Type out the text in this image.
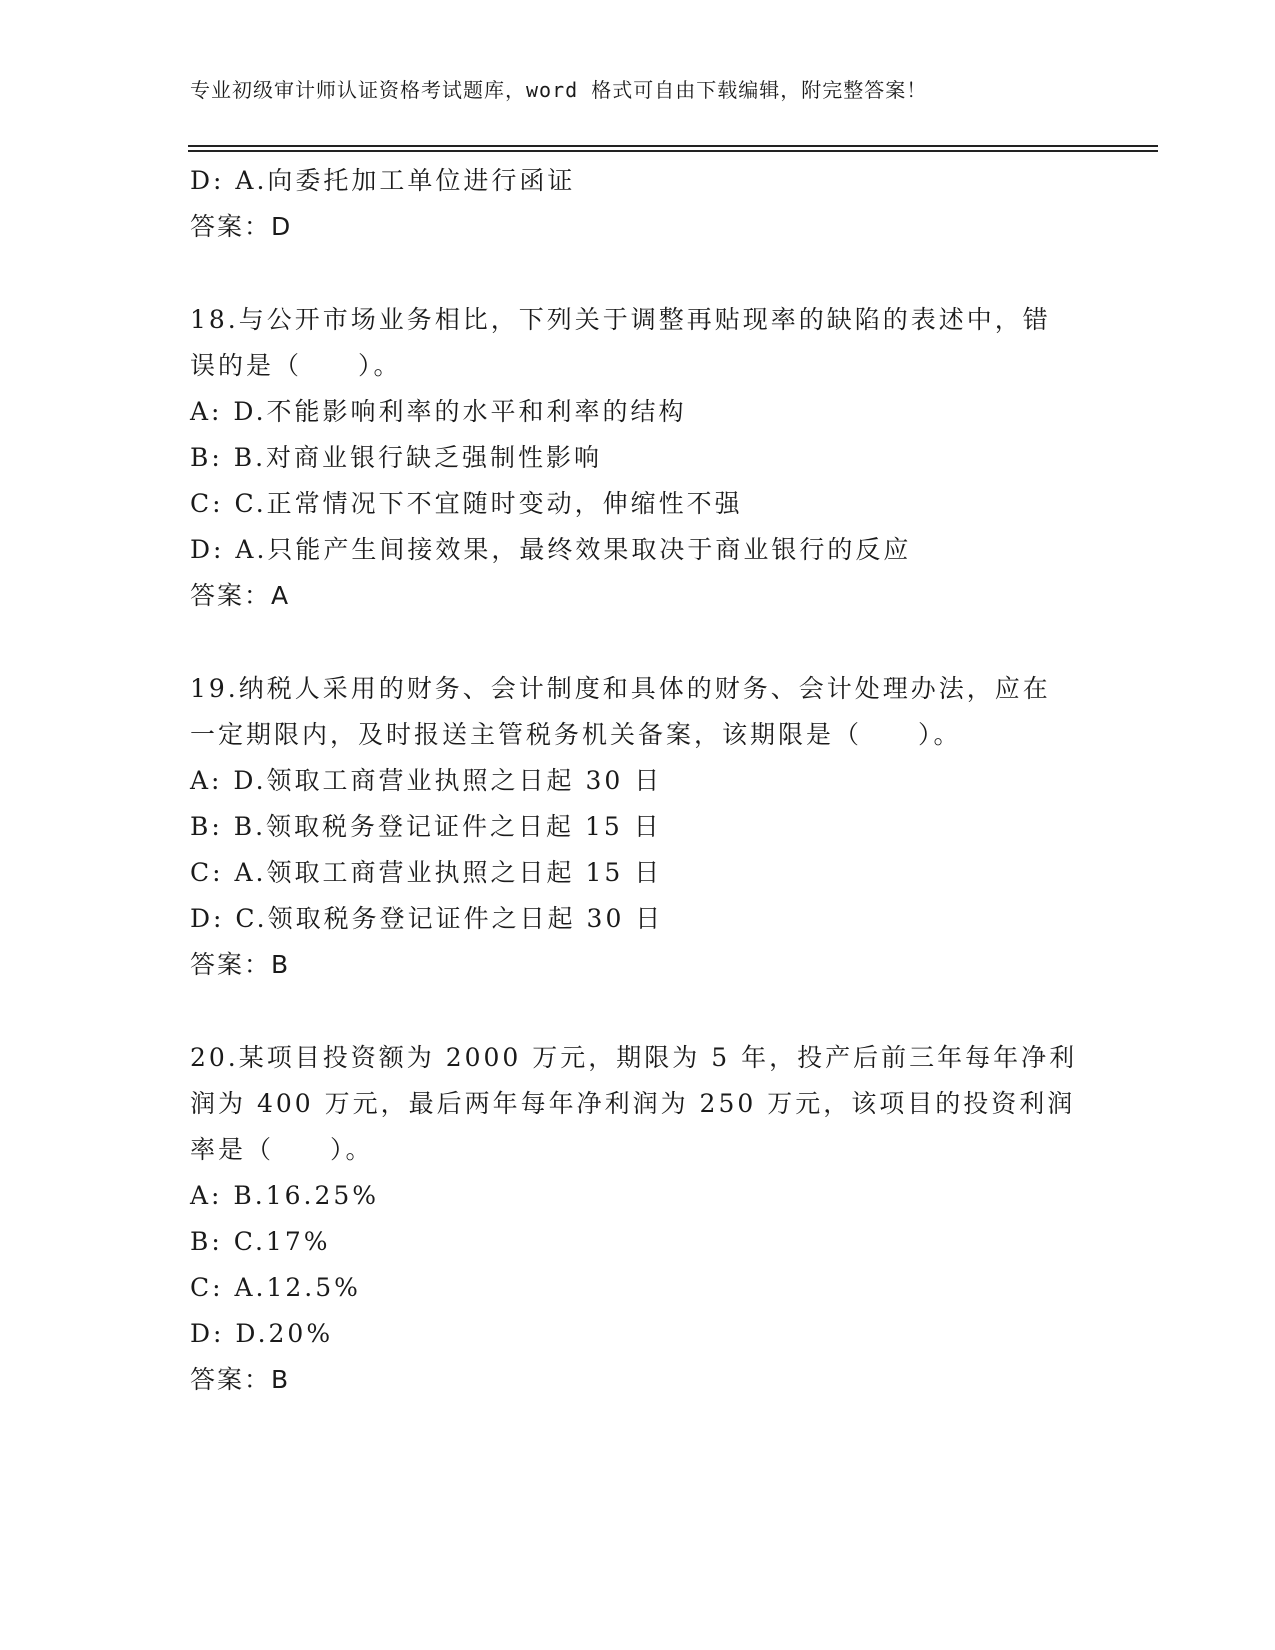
专业初级审计师认证资格考试题库，word 格式可自由下载编辑，附完整答案！
D: A.向委托加工单位进行函证
答案：D
18.与公开市场业务相比，下列关于调整再贴现率的缺陷的表述中，错
误的是（　　）。
A: D.不能影响利率的水平和利率的结构
B: B.对商业银行缺乏强制性影响
C: C.正常情况下不宜随时变动，伸缩性不强
D: A.只能产生间接效果，最终效果取决于商业银行的反应
答案：A
19.纳税人采用的财务、会计制度和具体的财务、会计处理办法，应在
一定期限内，及时报送主管税务机关备案，该期限是（　　）。
A: D.领取工商营业执照之日起 30 日
B: B.领取税务登记证件之日起 15 日
C: A.领取工商营业执照之日起 15 日
D: C.领取税务登记证件之日起 30 日
答案：B
20.某项目投资额为 2000 万元，期限为 5 年，投产后前三年每年净利
润为 400 万元，最后两年每年净利润为 250 万元，该项目的投资利润
率是（　　）。
A: B.16.25%
B: C.17%
C: A.12.5%
D: D.20%
答案：B
